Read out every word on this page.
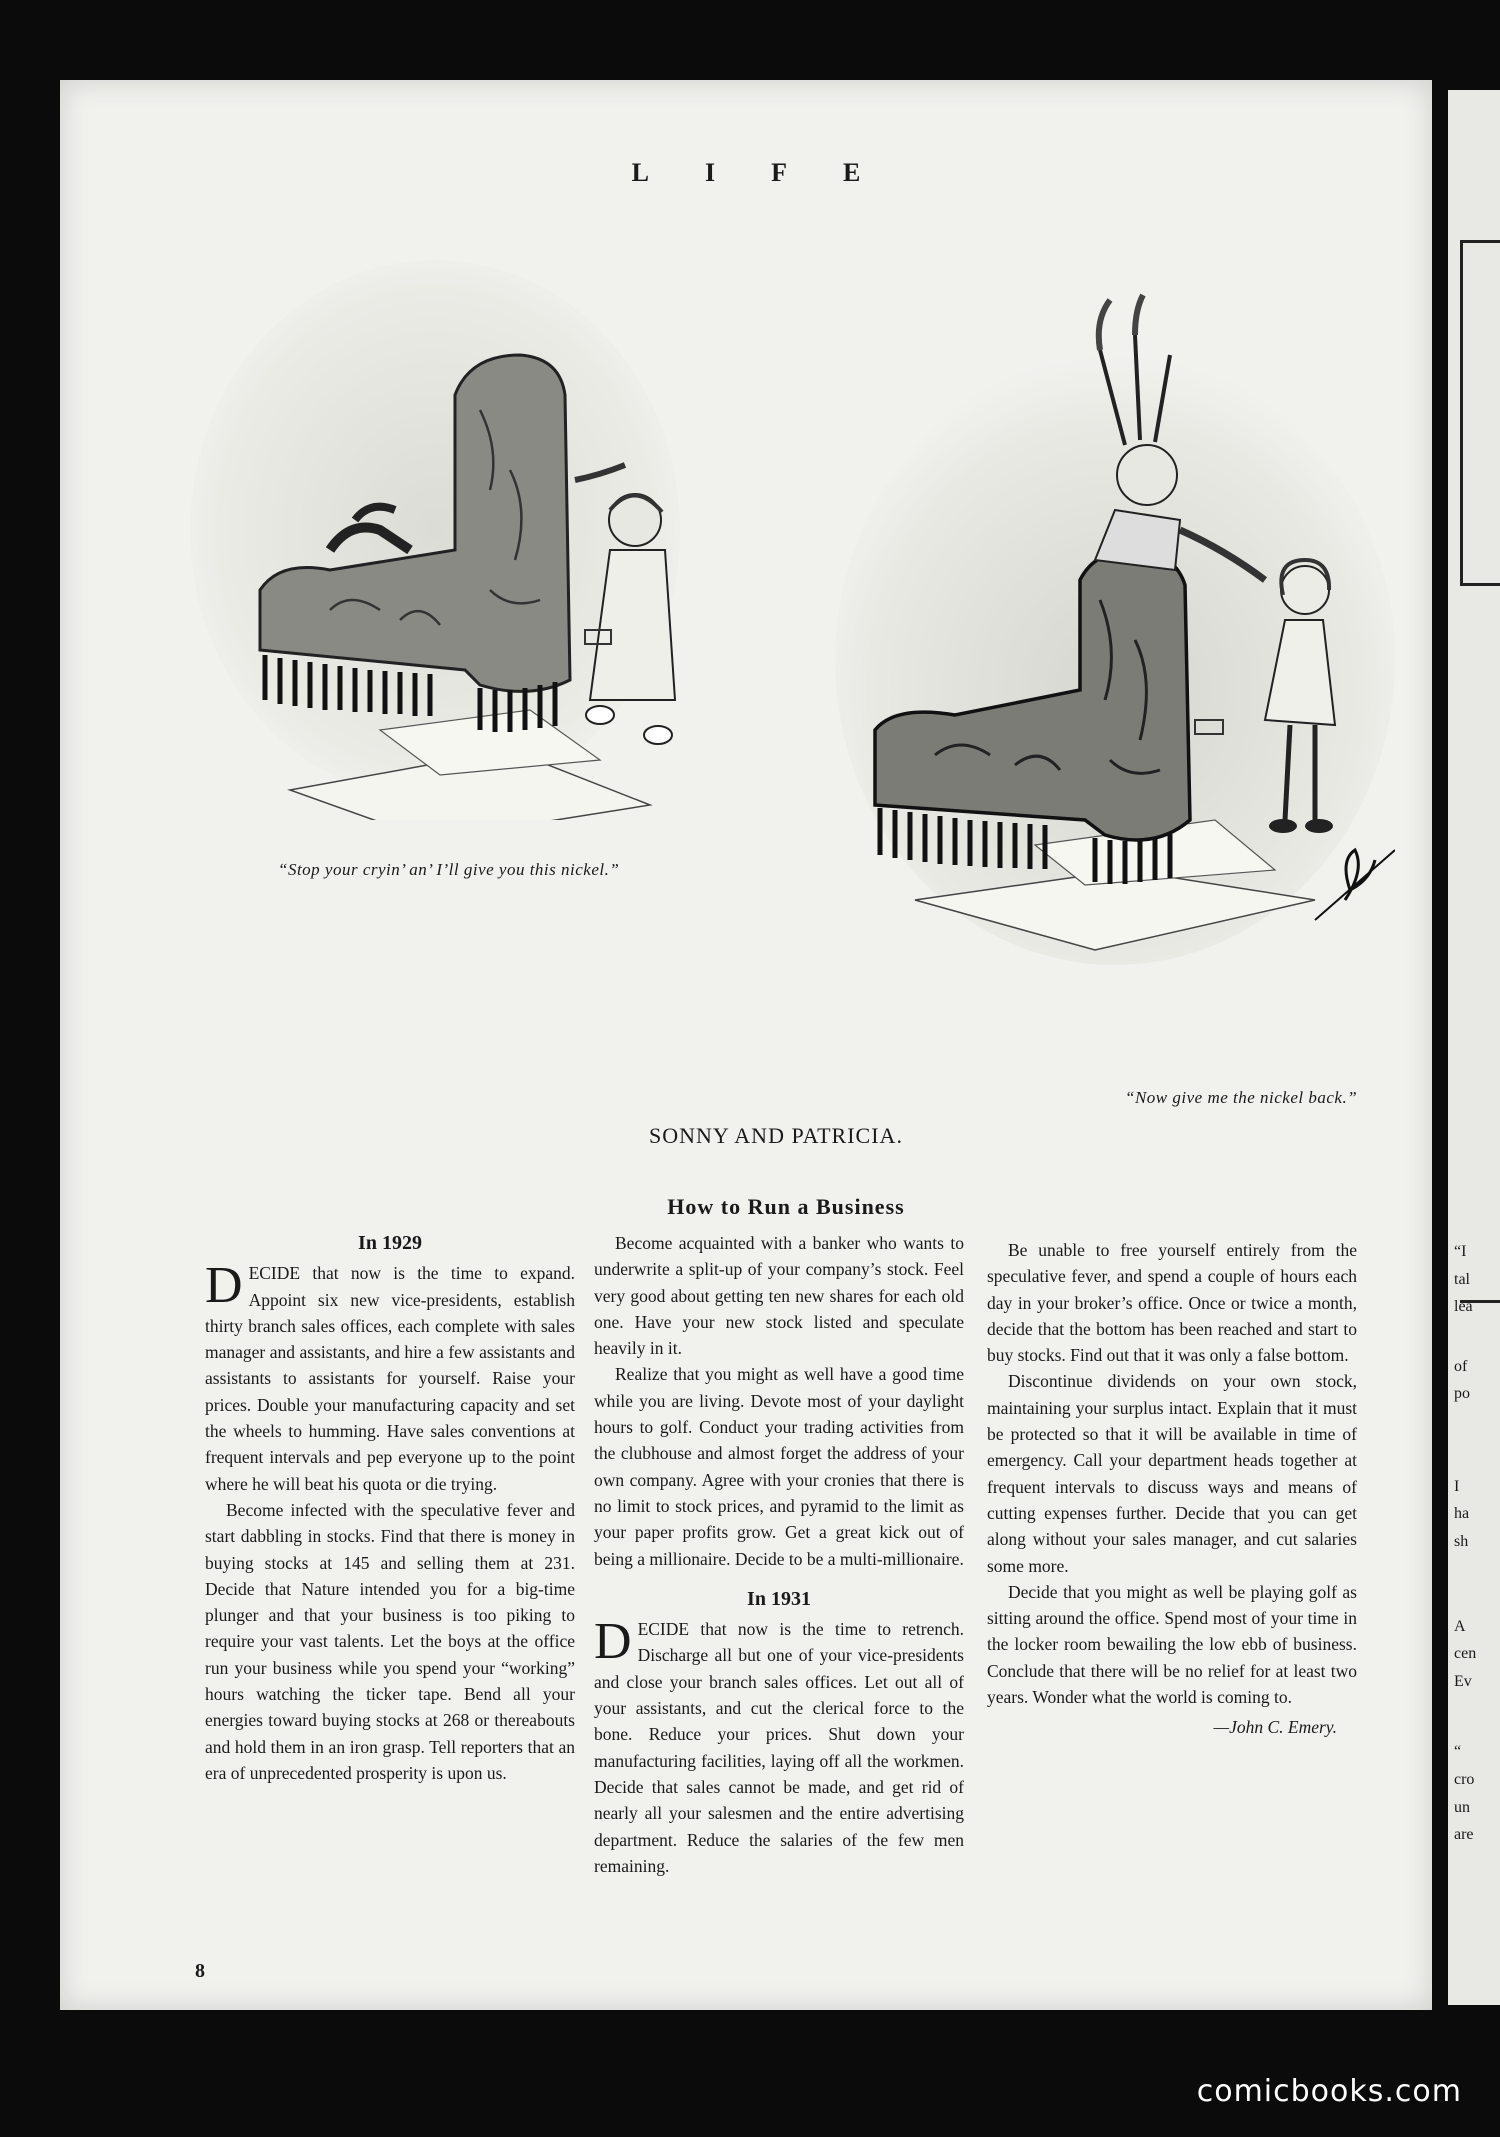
LIFE
“Stop your cryin’ an’ I’ll give you this nickel.”
“Now give me the nickel back.”
SONNY AND PATRICIA.
How to Run a Business
In 1929

DECIDE that now is the time to expand. Appoint six new vice-presidents, establish thirty branch sales offices, each complete with sales manager and assistants, and hire a few assistants and assistants to assistants for yourself. Raise your prices. Double your manufacturing capacity and set the wheels to humming. Have sales conventions at frequent intervals and pep everyone up to the point where he will beat his quota or die trying.

Become infected with the speculative fever and start dabbling in stocks. Find that there is money in buying stocks at 145 and selling them at 231. Decide that Nature intended you for a big-time plunger and that your business is too piking to require your vast talents. Let the boys at the office run your business while you spend your “working” hours watching the ticker tape. Bend all your energies toward buying stocks at 268 or thereabouts and hold them in an iron grasp. Tell reporters that an era of unprecedented prosperity is upon us.

Become acquainted with a banker who wants to underwrite a split-up of your company’s stock. Feel very good about getting ten new shares for each old one. Have your new stock listed and speculate heavily in it.

Realize that you might as well have a good time while you are living. Devote most of your daylight hours to golf. Conduct your trading activities from the clubhouse and almost forget the address of your own company. Agree with your cronies that there is no limit to stock prices, and pyramid to the limit as your paper profits grow. Get a great kick out of being a millionaire. Decide to be a multi-millionaire.

In 1931

DECIDE that now is the time to retrench. Discharge all but one of your vice-presidents and close your branch sales offices. Let out all of your assistants, and cut the clerical force to the bone. Reduce your prices. Shut down your manufacturing facilities, laying off all the workmen. Decide that sales cannot be made, and get rid of nearly all your salesmen and the entire advertising department. Reduce the salaries of the few men remaining.

Be unable to free yourself entirely from the speculative fever, and spend a couple of hours each day in your broker’s office. Once or twice a month, decide that the bottom has been reached and start to buy stocks. Find out that it was only a false bottom.

Discontinue dividends on your own stock, maintaining your surplus intact. Explain that it must be protected so that it will be available in time of emergency. Call your department heads together at frequent intervals to discuss ways and means of cutting expenses further. Decide that you can get along without your sales manager, and cut salaries some more.

Decide that you might as well be playing golf as sitting around the office. Spend most of your time in the locker room bewailing the low ebb of business. Conclude that there will be no relief for at least two years. Wonder what the world is coming to.

—John C. Emery.
8
“I
tal
lea
of
po
I
ha
sh
A
cen
Ev
“
cro
un
are
comicbooks.com
